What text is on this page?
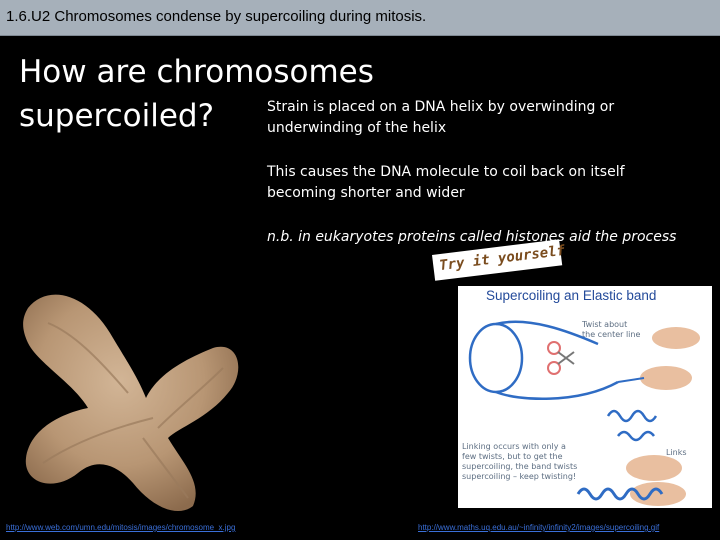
1.6.U2 Chromosomes condense by supercoiling during mitosis.
How are chromosomes
supercoiled?	Strain is placed on a DNA helix by overwinding or underwinding of the helix

This causes the DNA molecule to coil back on itself becoming shorter and wider

n.b. in eukaryotes proteins called histones aid the process

Try it yourself
Supercoiling an Elastic band
Twist about
the center line
Linking occurs with only a
few twists, but to get the
supercoiling, the band twists
supercoiling – keep twisting!
Links
http://www.web.com/umn.edu/mitosis/images/chromosome_x.jpg	http://www.maths.uq.edu.au/~infinity/infinity2/images/supercoiling.gif
